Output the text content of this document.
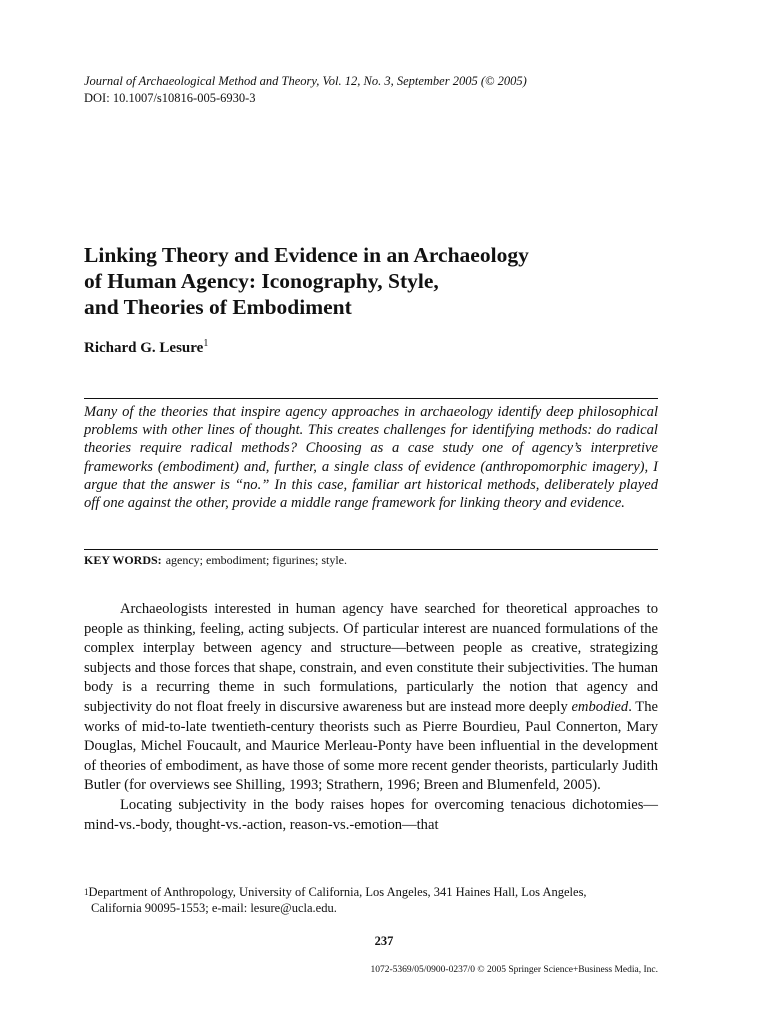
Journal of Archaeological Method and Theory, Vol. 12, No. 3, September 2005 (© 2005)
DOI: 10.1007/s10816-005-6930-3
Linking Theory and Evidence in an Archaeology
of Human Agency: Iconography, Style,
and Theories of Embodiment
Richard G. Lesure$^1$
Many of the theories that inspire agency approaches in archaeology identify deep philosophical problems with other lines of thought. This creates challenges for identifying methods: do radical theories require radical methods? Choosing as a case study one of agency’s interpretive frameworks (embodiment) and, further, a single class of evidence (anthropomorphic imagery), I argue that the answer is “no.” In this case, familiar art historical methods, deliberately played off one against the other, provide a middle range framework for linking theory and evidence.
KEY WORDS: agency; embodiment; figurines; style.

Archaeologists interested in human agency have searched for theoretical approaches to people as thinking, feeling, acting subjects. Of particular interest are nuanced formulations of the complex interplay between agency and structure—between people as creative, strategizing subjects and those forces that shape, constrain, and even constitute their subjectivities. The human body is a recurring theme in such formulations, particularly the notion that agency and subjectivity do not float freely in discursive awareness but are instead more deeply embodied. The works of mid-to-late twentieth-century theorists such as Pierre Bourdieu, Paul Connerton, Mary Douglas, Michel Foucault, and Maurice Merleau-Ponty have been influential in the development of theories of embodiment, as have those of some more recent gender theorists, particularly Judith Butler (for overviews see Shilling, 1993; Strathern, 1996; Breen and Blumenfeld, 2005).

Locating subjectivity in the body raises hopes for overcoming tenacious dichotomies—mind-vs.-body, thought-vs.-action, reason-vs.-emotion—that

$^1$Department of Anthropology, University of California, Los Angeles, 341 Haines Hall, Los Angeles,
California 90095-1553; e-mail: lesure@ucla.edu.
237
1072-5369/05/0900-0237/0 © 2005 Springer Science+Business Media, Inc.
